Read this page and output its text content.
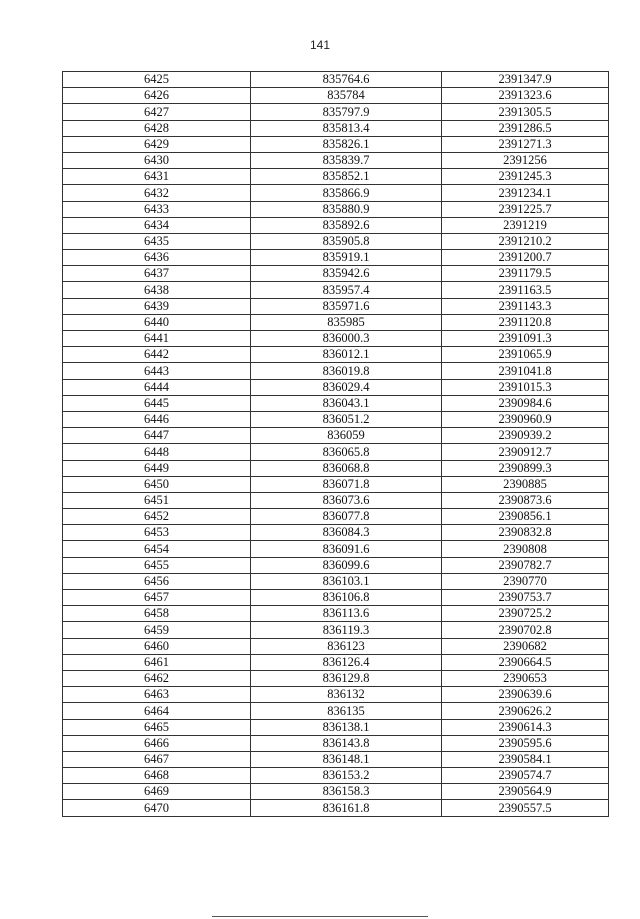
141
6425	835764.6	2391347.9
6426	835784	2391323.6
6427	835797.9	2391305.5
6428	835813.4	2391286.5
6429	835826.1	2391271.3
6430	835839.7	2391256
6431	835852.1	2391245.3
6432	835866.9	2391234.1
6433	835880.9	2391225.7
6434	835892.6	2391219
6435	835905.8	2391210.2
6436	835919.1	2391200.7
6437	835942.6	2391179.5
6438	835957.4	2391163.5
6439	835971.6	2391143.3
6440	835985	2391120.8
6441	836000.3	2391091.3
6442	836012.1	2391065.9
6443	836019.8	2391041.8
6444	836029.4	2391015.3
6445	836043.1	2390984.6
6446	836051.2	2390960.9
6447	836059	2390939.2
6448	836065.8	2390912.7
6449	836068.8	2390899.3
6450	836071.8	2390885
6451	836073.6	2390873.6
6452	836077.8	2390856.1
6453	836084.3	2390832.8
6454	836091.6	2390808
6455	836099.6	2390782.7
6456	836103.1	2390770
6457	836106.8	2390753.7
6458	836113.6	2390725.2
6459	836119.3	2390702.8
6460	836123	2390682
6461	836126.4	2390664.5
6462	836129.8	2390653
6463	836132	2390639.6
6464	836135	2390626.2
6465	836138.1	2390614.3
6466	836143.8	2390595.6
6467	836148.1	2390584.1
6468	836153.2	2390574.7
6469	836158.3	2390564.9
6470	836161.8	2390557.5
